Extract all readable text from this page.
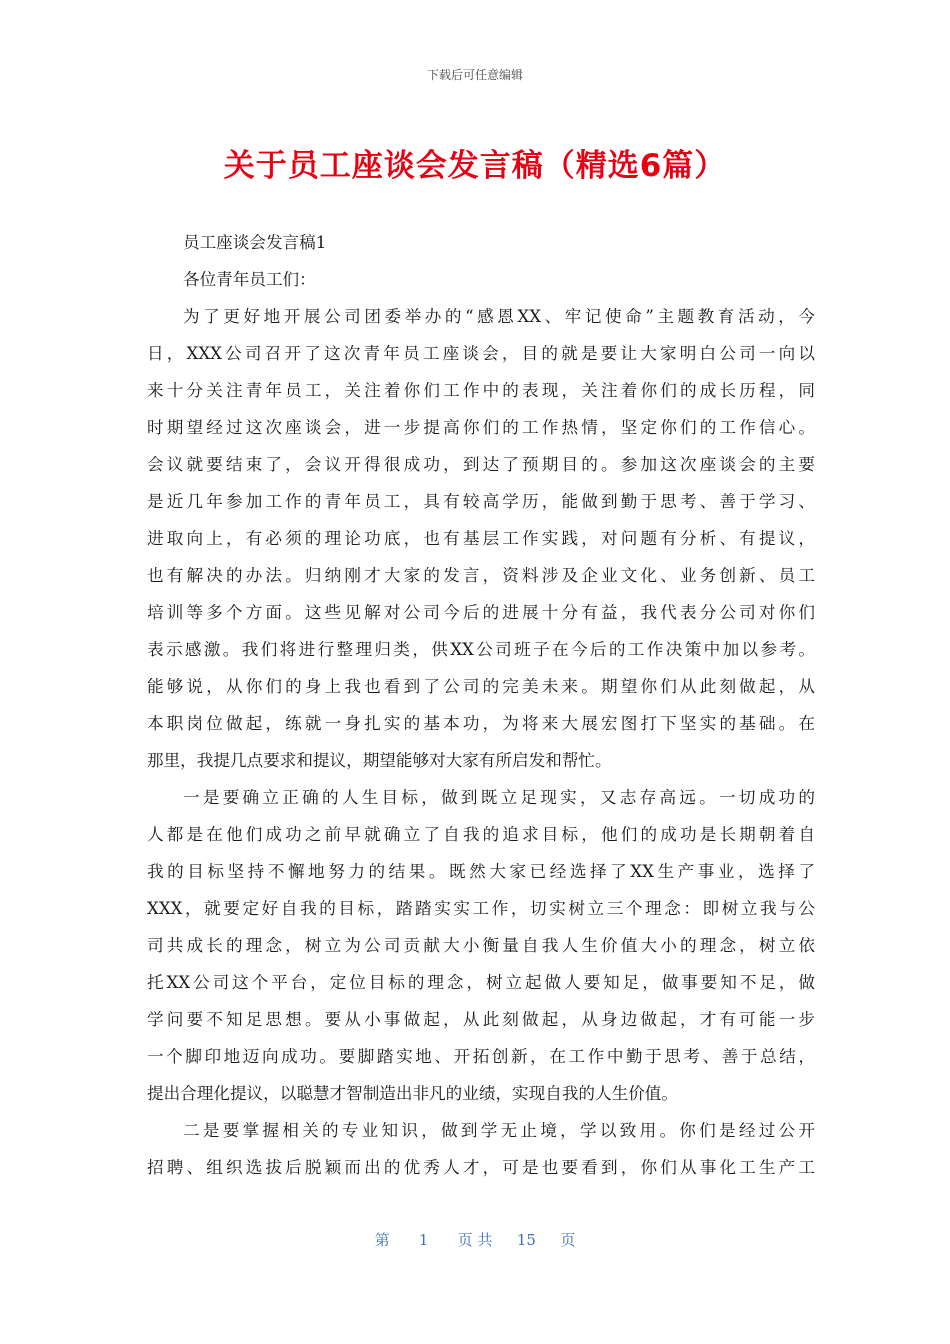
下载后可任意编辑
关于员工座谈会发言稿（精选6篇）
员工座谈会发言稿1
各位青年员工们：
为了更好地开展公司团委举办的“感恩XX、牢记使命”主题教育活动，今
日，XXX公司召开了这次青年员工座谈会，目的就是要让大家明白公司一向以
来十分关注青年员工，关注着你们工作中的表现，关注着你们的成长历程，同
时期望经过这次座谈会，进一步提高你们的工作热情，坚定你们的工作信心。
会议就要结束了，会议开得很成功，到达了预期目的。参加这次座谈会的主要
是近几年参加工作的青年员工，具有较高学历，能做到勤于思考、善于学习、
进取向上，有必须的理论功底，也有基层工作实践，对问题有分析、有提议，
也有解决的办法。归纳刚才大家的发言，资料涉及企业文化、业务创新、员工
培训等多个方面。这些见解对公司今后的进展十分有益，我代表分公司对你们
表示感激。我们将进行整理归类，供XX公司班子在今后的工作决策中加以参考。
能够说，从你们的身上我也看到了公司的完美未来。期望你们从此刻做起，从
本职岗位做起，练就一身扎实的基本功，为将来大展宏图打下坚实的基础。在
那里，我提几点要求和提议，期望能够对大家有所启发和帮忙。
一是要确立正确的人生目标，做到既立足现实，又志存高远。一切成功的
人都是在他们成功之前早就确立了自我的追求目标，他们的成功是长期朝着自
我的目标坚持不懈地努力的结果。既然大家已经选择了XX生产事业，选择了
XXX，就要定好自我的目标，踏踏实实工作，切实树立三个理念：即树立我与公
司共成长的理念，树立为公司贡献大小衡量自我人生价值大小的理念，树立依
托XX公司这个平台，定位目标的理念，树立起做人要知足，做事要知不足，做
学问要不知足思想。要从小事做起，从此刻做起，从身边做起，才有可能一步
一个脚印地迈向成功。要脚踏实地、开拓创新，在工作中勤于思考、善于总结，
提出合理化提议，以聪慧才智制造出非凡的业绩，实现自我的人生价值。
二是要掌握相关的专业知识，做到学无止境，学以致用。你们是经过公开
招聘、组织选拔后脱颖而出的优秀人才，可是也要看到，你们从事化工生产工
第 1 页 共 15 页
